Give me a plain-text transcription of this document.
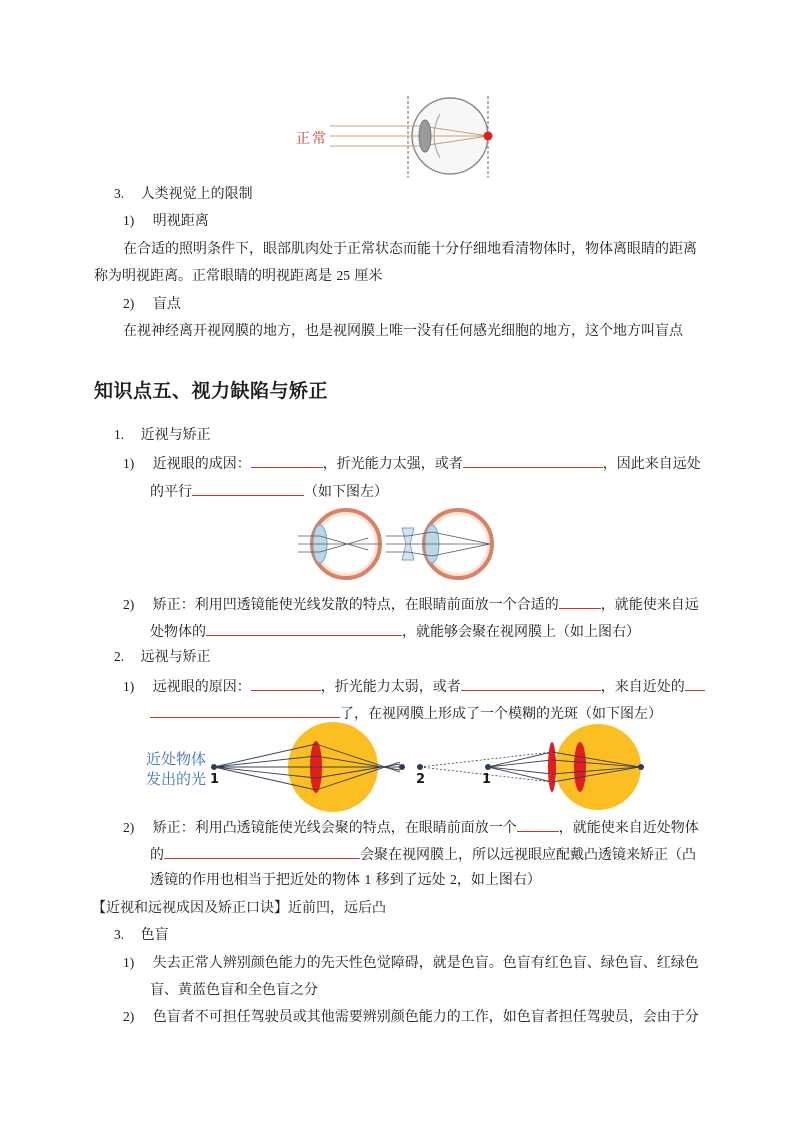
正常
3. 人类视觉上的限制
1) 明视距离
在合适的照明条件下，眼部肌肉处于正常状态而能十分仔细地看清物体时，物体离眼睛的距离
称为明视距离。正常眼睛的明视距离是 25 厘米
2) 盲点
在视神经离开视网膜的地方，也是视网膜上唯一没有任何感光细胞的地方，这个地方叫盲点
知识点五、视力缺陷与矫正
1. 近视与矫正
1) 近视眼的成因：	，折光能力太强，或者	，因此来自远处
的平行	（如下图左）
2) 矫正：利用凹透镜能使光线发散的特点，在眼睛前面放一个合适的	，就能使来自远
处物体的	，就能够会聚在视网膜上（如上图右）
2. 远视与矫正
1) 远视眼的原因：	，折光能力太弱，或者	，来自近处的
了，在视网膜上形成了一个模糊的光斑（如下图左）
近处物体
发出的光 1	2	1
2) 矫正：利用凸透镜能使光线会聚的特点，在眼睛前面放一个	，就能使来自近处物体
的	会聚在视网膜上，所以远视眼应配戴凸透镜来矫正（凸
透镜的作用也相当于把近处的物体 1 移到了远处 2，如上图右）
【近视和远视成因及矫正口诀】近前凹，远后凸
3. 色盲
1) 失去正常人辨别颜色能力的先天性色觉障碍，就是色盲。色盲有红色盲、绿色盲、红绿色
盲、黄蓝色盲和全色盲之分
2) 色盲者不可担任驾驶员或其他需要辨别颜色能力的工作，如色盲者担任驾驶员，会由于分
